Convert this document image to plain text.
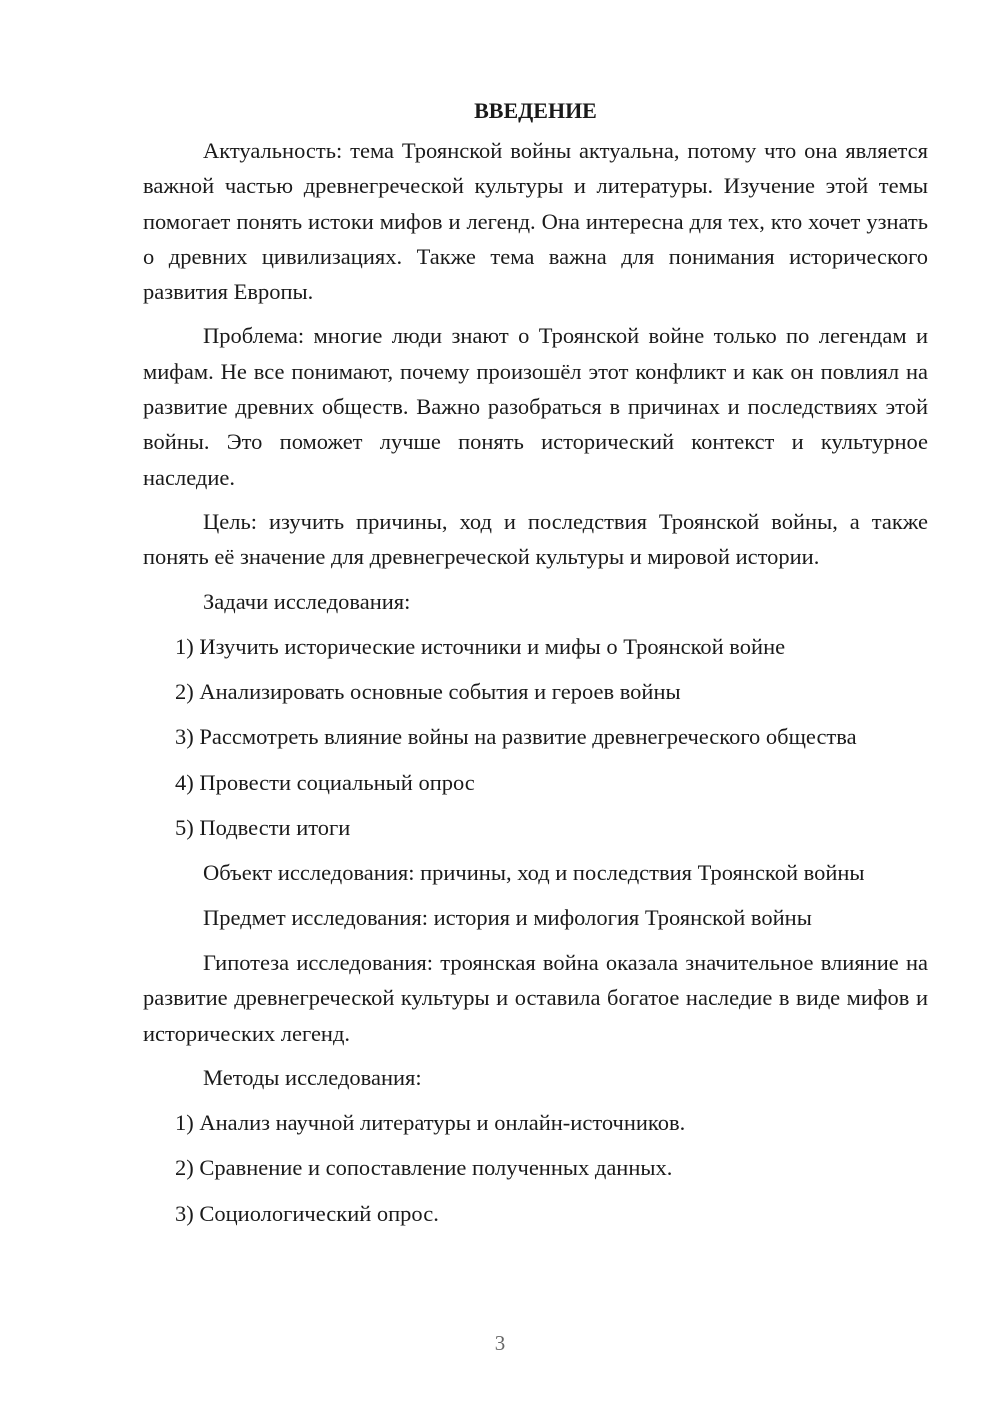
ВВЕДЕНИЕ

Актуальность: тема Троянской войны актуальна, потому что она является важной частью древнегреческой культуры и литературы. Изучение этой темы помогает понять истоки мифов и легенд. Она интересна для тех, кто хочет узнать о древних цивилизациях. Также тема важна для понимания исторического развития Европы.

Проблема: многие люди знают о Троянской войне только по легендам и мифам. Не все понимают, почему произошёл этот конфликт и как он повлиял на развитие древних обществ. Важно разобраться в причинах и последствиях этой войны. Это поможет лучше понять исторический контекст и культурное наследие.

Цель: изучить причины, ход и последствия Троянской войны, а также понять её значение для древнегреческой культуры и мировой истории.

Задачи исследования:

1) Изучить исторические источники и мифы о Троянской войне
2) Анализировать основные события и героев войны
3) Рассмотреть влияние войны на развитие древнегреческого общества
4) Провести социальный опрос
5) Подвести итоги

Объект исследования: причины, ход и последствия Троянской войны

Предмет исследования: история и мифология Троянской войны

Гипотеза исследования: троянская война оказала значительное влияние на развитие древнегреческой культуры и оставила богатое наследие в виде мифов и исторических легенд.

Методы исследования:

1) Анализ научной литературы и онлайн-источников.
2) Сравнение и сопоставление полученных данных.
3) Социологический опрос.
3
